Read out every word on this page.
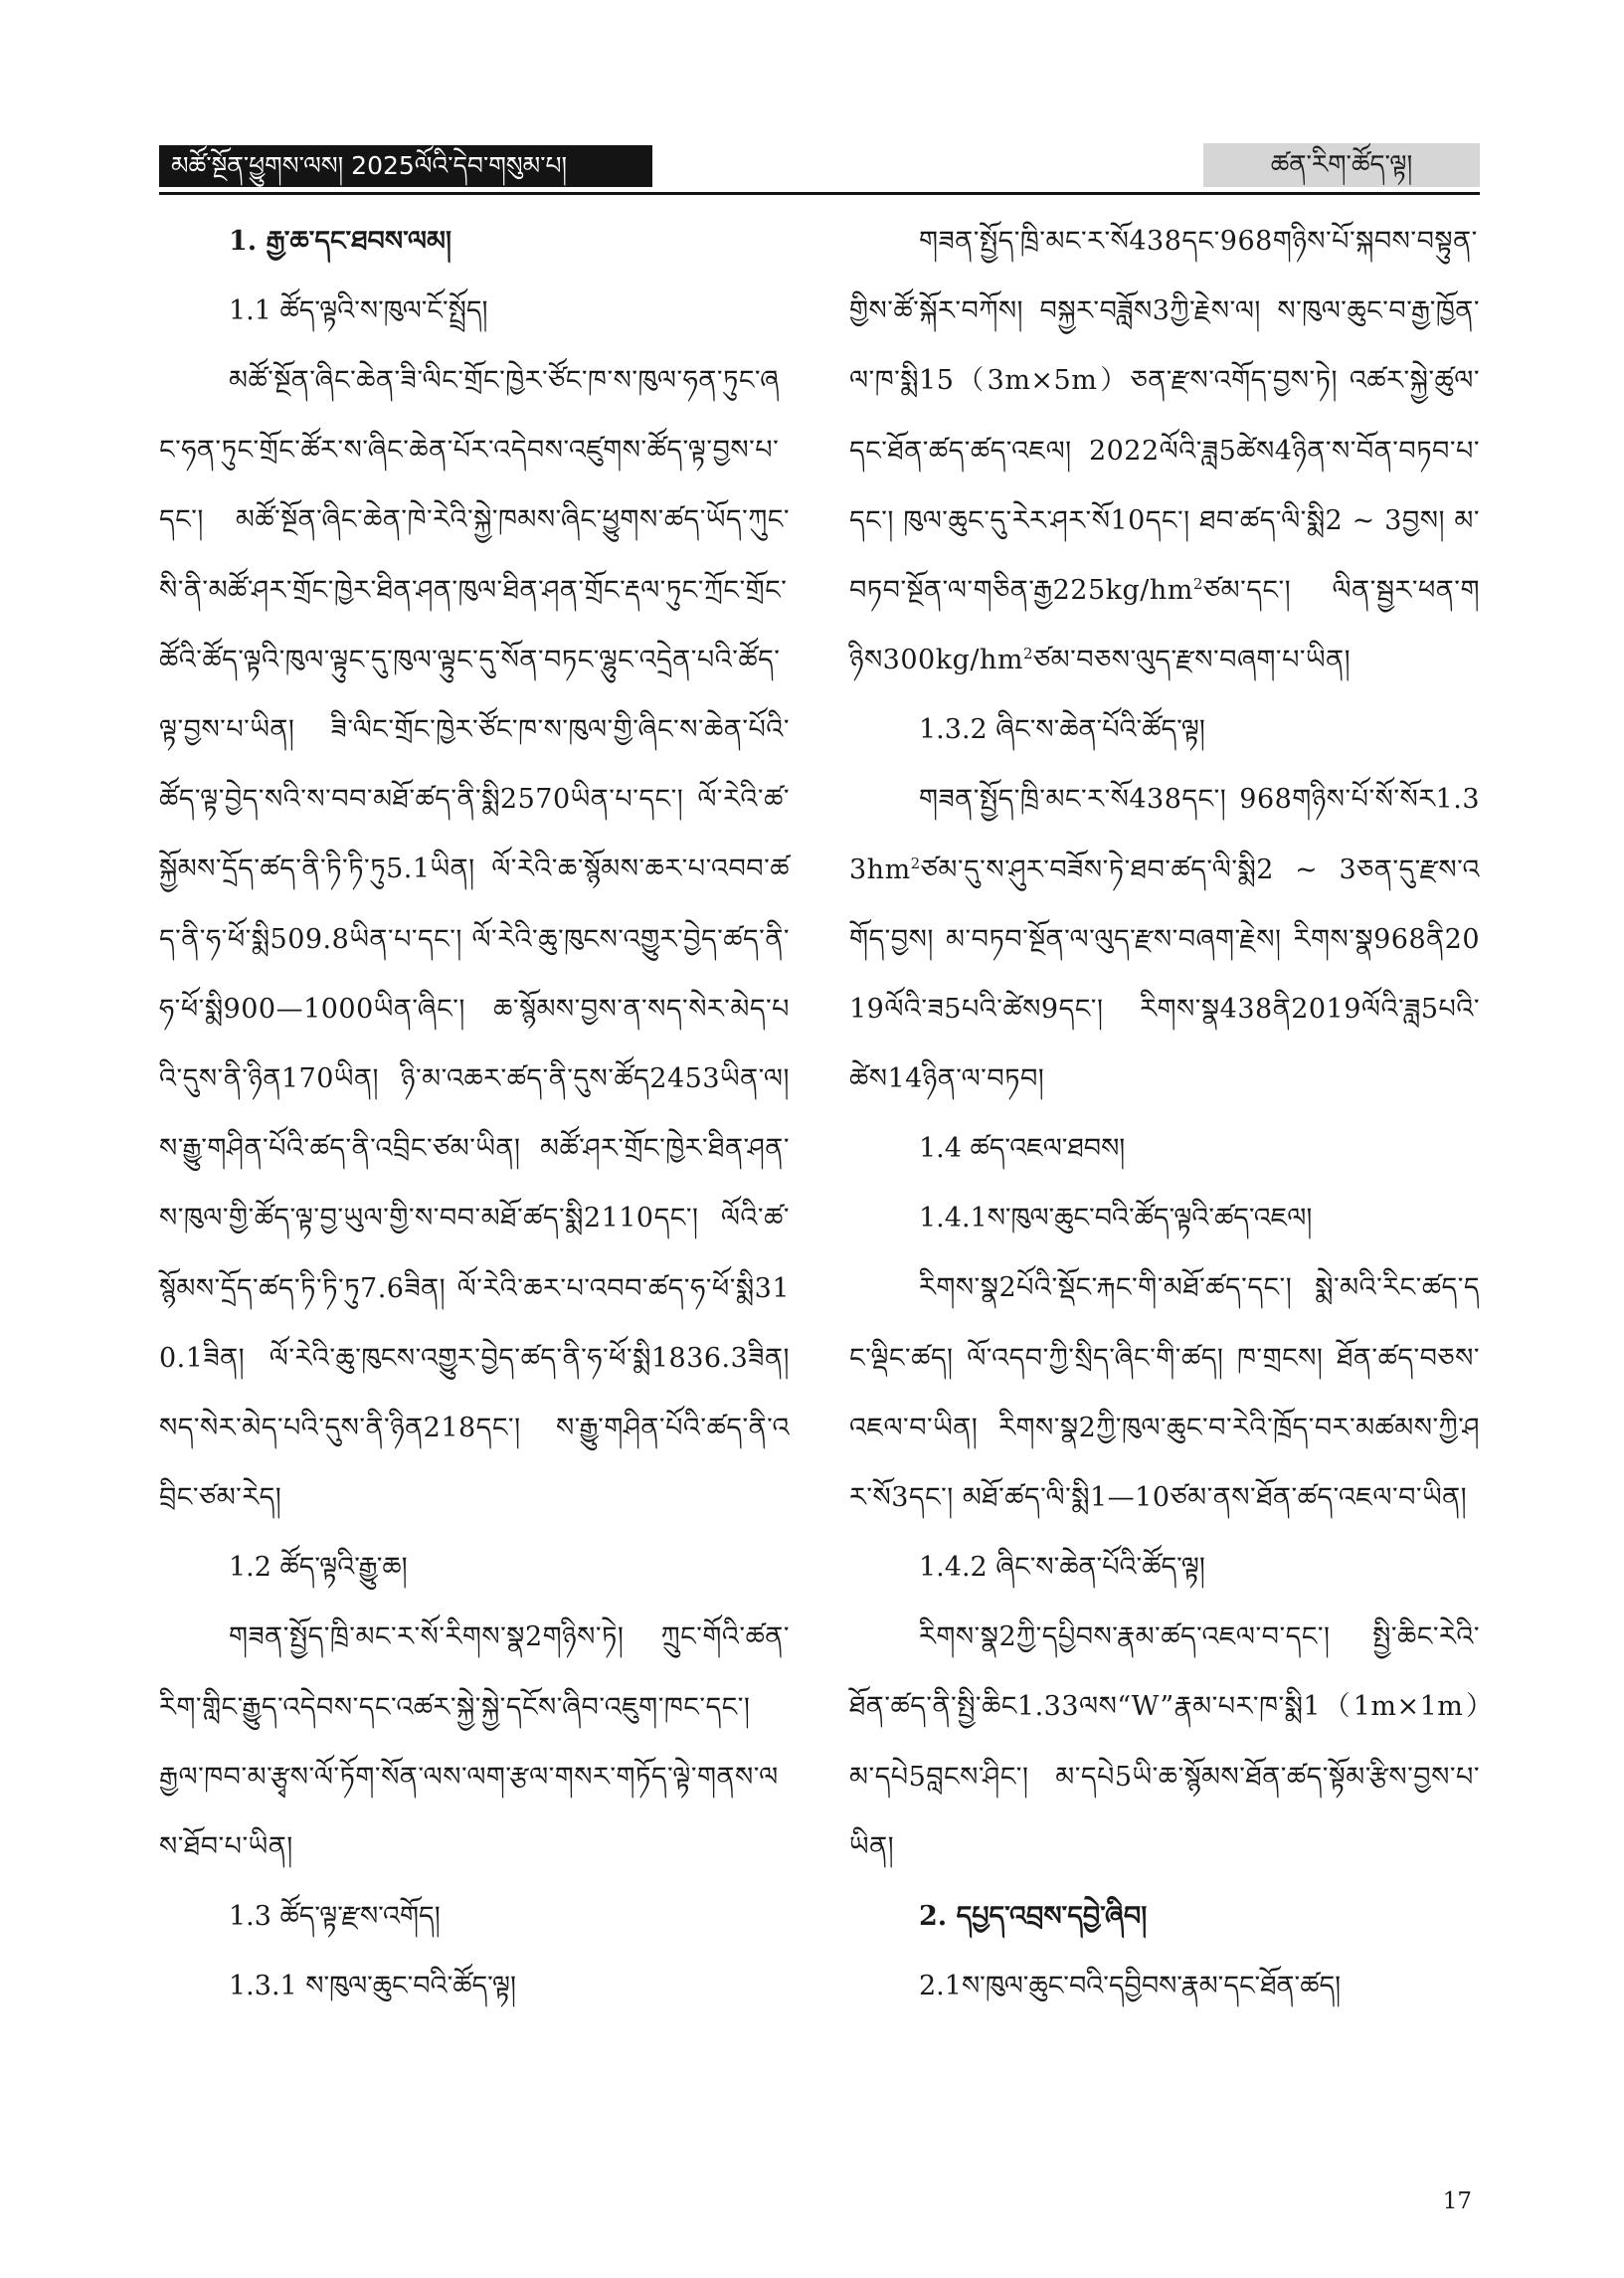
མཚོ་སྔོན་ཕྱུགས་ལས། 2025ལོའི་དེབ་གསུམ་པ།	ཚན་རིག་ཚོད་ལྟ།
1. རྒྱ་ཆ་དང་ཐབས་ལམ།
1.1 ཚོད་ལྟའི་ས་ཁུལ་ངོ་སྤྲོད།
མཚོ་སྔོན་ཞིང་ཆེན་ཟི་ལིང་གྲོང་ཁྱེར་ཙོང་ཁ་ས་ཁུལ་ཧན་ཏུང་ཞང་ཧན་ཏུང་གྲོང་ཚོར་ས་ཞིང་ཆེན་པོར་འདེབས་འཛུགས་ཚོད་ལྟ་བྱས་པ་དང་། མཚོ་སྔོན་ཞིང་ཆེན་ཁེ་རེའི་སྐྱེ་ཁམས་ཞིང་ཕྱུགས་ཚད་ཡོད་ཀུང་སི་ནི་མཚོ་ཤར་གྲོང་ཁྱེར་ཐིན་ཤན་ཁུལ་ཐིན་ཤན་གྲོང་རྡལ་ཏུང་ཀྲོང་གྲོང་ཚོའི་ཚོད་ལྟའི་ཁུལ་ལྟུང་དུ་ཁུལ་ལྟུང་དུ་སོན་བཏང་ལྷུང་འདྲེན་པའི་ཚོད་ལྟ་བྱས་པ་ཡིན། ཟི་ལིང་གྲོང་ཁྱེར་ཙོང་ཁ་ས་ཁུལ་གྱི་ཞིང་ས་ཆེན་པོའི་ཚོད་ལྟ་བྱེད་སའི་ས་བབ་མཐོ་ཚད་ནི་སྨི2570ཡིན་པ་དང་། ལོ་རེའི་ཚ་སྐྱོམས་དྲོད་ཚད་ནི་ཏི་ཏི་ཏུ5.1ཡིན། ལོ་རེའི་ཆ་སྙོམས་ཆར་པ་འབབ་ཚད་ནི་ཧ་ཕོ་སྨི509.8ཡིན་པ་དང་། ལོ་རེའི་ཆུ་ཁུངས་འགྱུར་བྱེད་ཚད་ནི་ཧ་ཕོ་སྨི900—1000ཡིན་ཞིང་། ཆ་སྙོམས་བྱས་ན་སད་སེར་མེད་པའི་དུས་ནི་ཉིན170ཡིན། ཉི་མ་འཆར་ཚད་ནི་དུས་ཚོད2453ཡིན་ལ། ས་རྒྱུ་གཤིན་པོའི་ཚད་ནི་འབྲིང་ཙམ་ཡིན། མཚོ་ཤར་གྲོང་ཁྱེར་ཐིན་ཤན་ས་ཁུལ་གྱི་ཚོད་ལྟ་བྱ་ཡུལ་གྱི་ས་བབ་མཐོ་ཚད་སྨི2110དང་། ལོའི་ཚ་སྙོམས་དྲོད་ཚད་ཏི་ཏི་ཏུ7.6ཟིན། ལོ་རེའི་ཆར་པ་འབབ་ཚད་ཧ་ཕོ་སྨི310.1ཟིན། ལོ་རེའི་ཆུ་ཁུངས་འགྱུར་བྱེད་ཚད་ནི་ཧ་ཕོ་སྨི1836.3ཟིན། སད་སེར་མེད་པའི་དུས་ནི་ཉིན218དང་། ས་རྒྱུ་གཤིན་པོའི་ཚད་ནི་འབྲིང་ཙམ་རེད།
1.2 ཚོད་ལྟའི་རྒྱུ་ཆ།
གཟན་སྤྱོད་ཁྲི་མང་ར་སོ་རིགས་སྣ2གཉིས་ཏེ། ཀྲུང་གོའི་ཚན་རིག་གླིང་རྒྱུད་འདེབས་དང་འཚར་སྐྱེ་སྐྱེ་དངོས་ཞིབ་འཇུག་ཁང་དང་། རྒྱལ་ཁབ་མ་རྩྭས་ལོ་ཏོག་སོན་ལས་ལག་རྩལ་གསར་གཏོད་ལྟེ་གནས་ལས་ཐོབ་པ་ཡིན།
1.3 ཚོད་ལྟ་རྫས་འགོད།
1.3.1 ས་ཁུལ་ཆུང་བའི་ཚོད་ལྟ།
གཟན་སྤྱོད་ཁྲི་མང་ར་སོ438དང་968གཉིས་པོ་སྐབས་བསྟུན་གྱིས་ཚོ་སྐོར་བཀོས། བསྐྱར་བཟློས3ཀྱི་རྗེས་ལ། ས་ཁུལ་ཆུང་བ་རྒྱ་ཁྱོན་ལ་ཁ་སྨི15（3m×5m）ཅན་རྫས་འགོད་བྱས་ཏེ། འཚར་སྐྱེ་ཚུལ་དང་ཐོན་ཚད་ཚད་འཇལ། 2022ལོའི་ཟླ5ཚེས4ཉིན་ས་བོན་བཏབ་པ་དང་། ཁུལ་ཆུང་དུ་རེར་ཤར་སོ10དང་། ཐབ་ཚད་ལི་སྨི2 ~ 3བྱས། $མ་བཏབ་སྔོན་ལ་གཅིན་རྒྱ225kg/hm^2ཙམ་དང་།$ $ལིན་སྦྱར་ཕན་གཉིས300kg/hm^2ཙམ་བཅས་ལུད་རྫས་བཞག་པ་ཡིན།$
1.3.2 ཞིང་ས་ཆེན་པོའི་ཚོད་ལྟ།
གཟན་སྤྱོད་ཁྲི་མང་ར་སོ438དང་། $968གཉིས་པོ་སོ་སོར1.33hm^2ཙམ་དུ་ས་ཤུར་བཟོས་ཏེ་ཐབ་ཚད་ལི་སྨི2$ ~ 3ཅན་དུ་རྫས་འགོད་བྱས། མ་བཏབ་སྔོན་ལ་ལུད་རྫས་བཞག་རྗེས། རིགས་སྣ968ནི2019ལོའི་ཟ5པའི་ཚེས9དང་། རིགས་སྣ438ནི2019ལོའི་ཟླ5པའི་ཚེས14ཉིན་ལ་བཏབ།
1.4 ཚད་འཇལ་ཐབས།
1.4.1ས་ཁུལ་ཆུང་བའི་ཚོད་ལྟའི་ཚད་འཇལ།
རིགས་སྣ2པོའི་སྡོང་རྐང་གི་མཐོ་ཚད་དང་། སྨེ་མའི་རིང་ཚད་དང་ལྡིང་ཚད། ལོ་འདབ་ཀྱི་སྲིད་ཞིང་གི་ཚད། ཁ་གྲངས། ཐོན་ཚད་བཅས་འཇལ་བ་ཡིན། རིགས་སྣ2ཀྱི་ཁུལ་ཆུང་བ་རེའི་ཁྲོད་བར་མཚམས་ཀྱི་ཤར་སོ3དང་། མཐོ་ཚད་ལི་སྨི1—10ཙམ་ནས་ཐོན་ཚད་འཇལ་བ་ཡིན།
1.4.2 ཞིང་ས་ཆེན་པོའི་ཚོད་ལྟ།
རིགས་སྣ2ཀྱི་དཔྱིབས་རྣམ་ཚད་འཇལ་བ་དང་། སྤྱི་ཆིང་རེའི་ཐོན་ཚད་ནི་སྤྱི་ཆིང1.33ལས“W”རྣམ་པར་ཁ་སྨི1（1m×1m）མ་དཔེ5བླངས་ཤིང་། མ་དཔེ5ཡི་ཆ་སྙོམས་ཐོན་ཚད་སྟོམ་རྩིས་བྱས་པ་ཡིན།
2. དཔྱད་འབྲས་དབྱེ་ཞིབ།
2.1ས་ཁུལ་ཆུང་བའི་དབྱིབས་རྣམ་དང་ཐོན་ཚད།
17
